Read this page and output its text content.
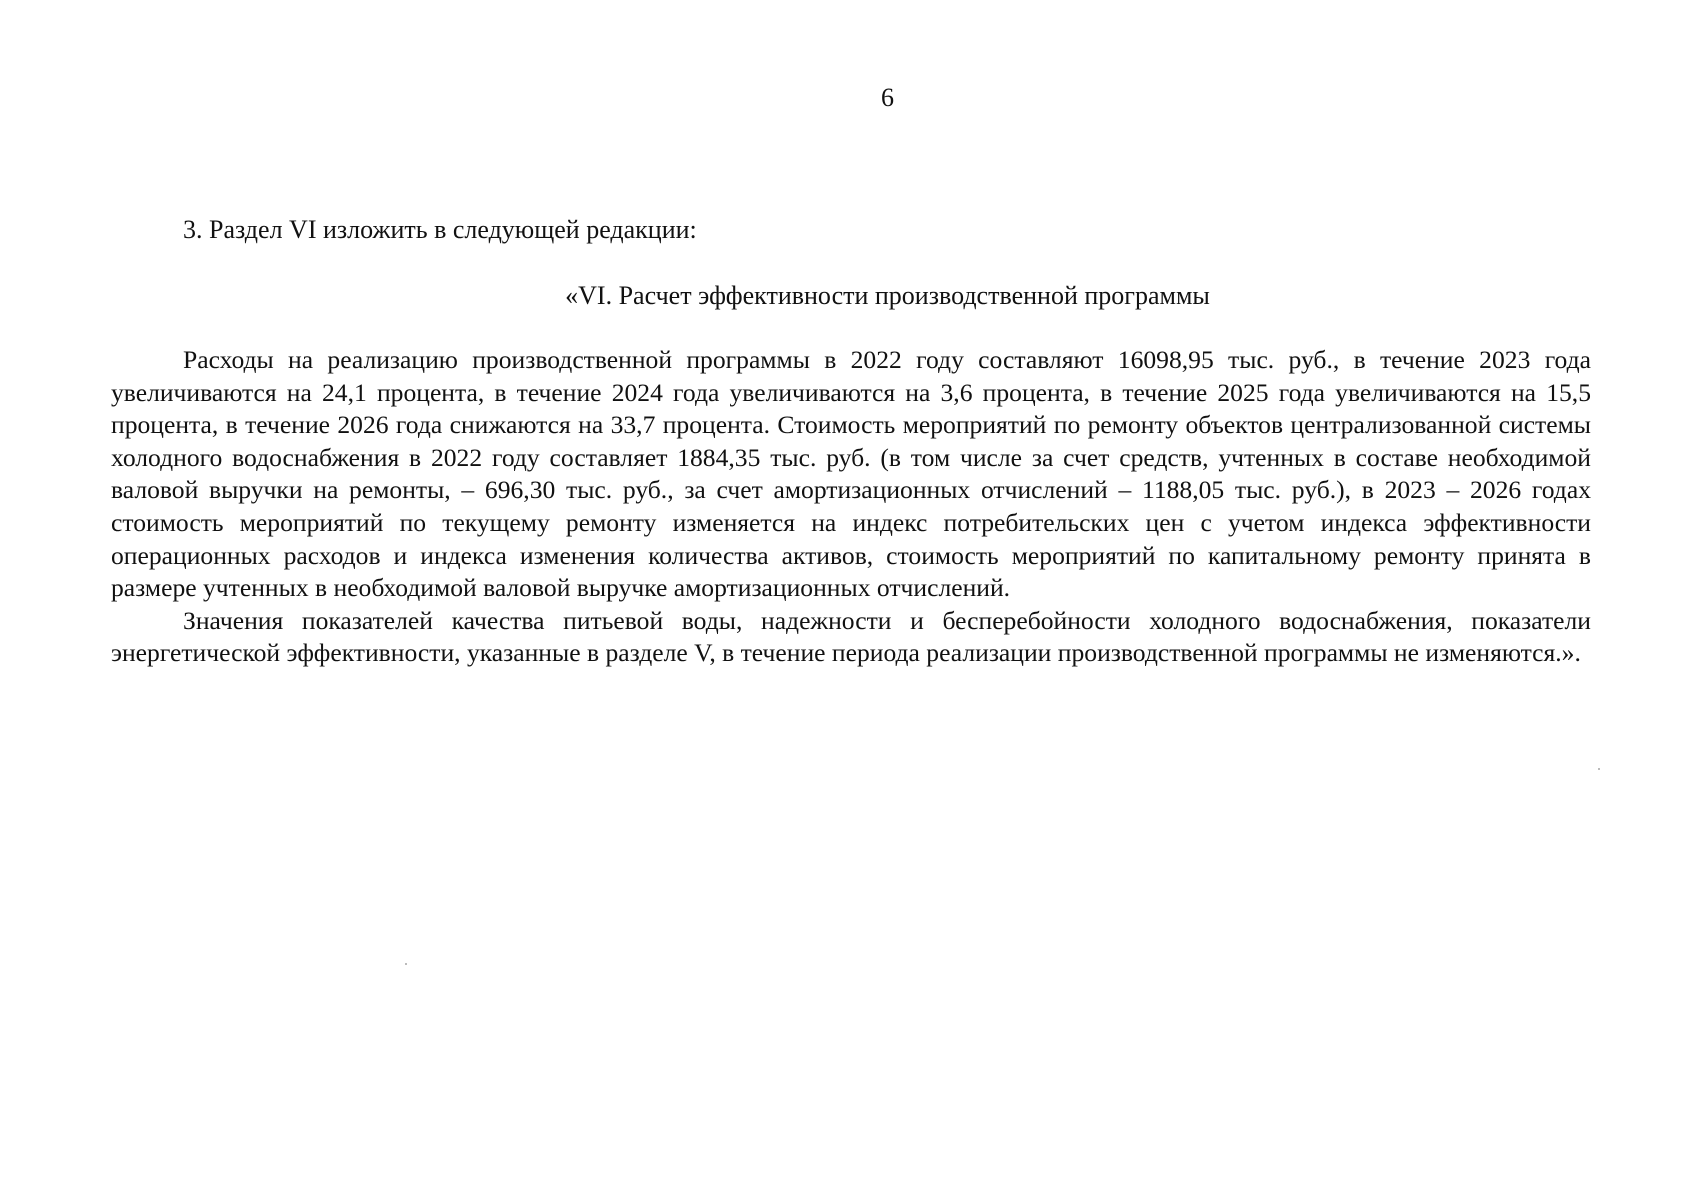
6
3. Раздел VI изложить в следующей редакции:
«VI. Расчет эффективности производственной программы

Расходы на реализацию производственной программы в 2022 году составляют 16098,95 тыс. руб., в течение 2023 года увеличиваются на 24,1 процента, в течение 2024 года увеличиваются на 3,6 процента, в течение 2025 года увеличиваются на 15,5 процента, в течение 2026 года снижаются на 33,7 процента. Стоимость мероприятий по ремонту объектов централизованной системы холодного водоснабжения в 2022 году составляет 1884,35 тыс. руб. (в том числе за счет средств, учтенных в составе необходимой валовой выручки на ремонты, – 696,30 тыс. руб., за счет амортизационных отчислений – 1188,05 тыс. руб.), в 2023 – 2026 годах стоимость мероприятий по текущему ремонту изменяется на индекс потребительских цен с учетом индекса эффективности операционных расходов и индекса изменения количества активов, стоимость мероприятий по капитальному ремонту принята в размере учтенных в необходимой валовой выручке амортизационных отчислений.

Значения показателей качества питьевой воды, надежности и бесперебойности холодного водоснабжения, показатели энергетической эффективности, указанные в разделе V, в течение периода реализации производственной программы не изменяются.».
